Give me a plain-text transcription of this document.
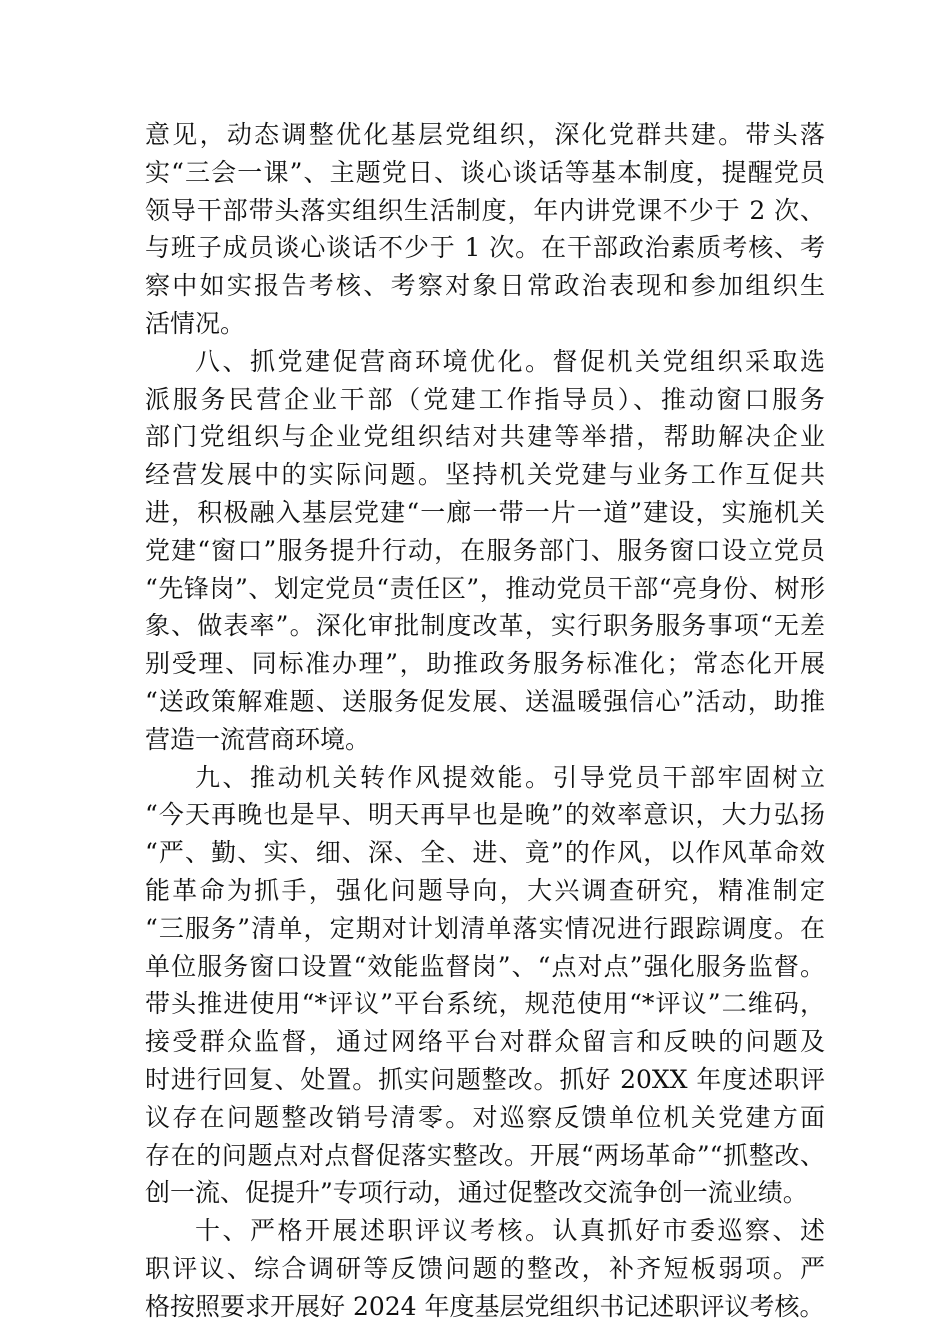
意见，动态调整优化基层党组织，深化党群共建。带头落
实“三会一课”、主题党日、谈心谈话等基本制度，提醒党员
领导干部带头落实组织生活制度，年内讲党课不少于 2 次、
与班子成员谈心谈话不少于 1 次。在干部政治素质考核、考
察中如实报告考核、考察对象日常政治表现和参加组织生
活情况。
八、抓党建促营商环境优化。督促机关党组织采取选
派服务民营企业干部（党建工作指导员）、推动窗口服务
部门党组织与企业党组织结对共建等举措，帮助解决企业
经营发展中的实际问题。坚持机关党建与业务工作互促共
进，积极融入基层党建“一廊一带一片一道”建设，实施机关
党建“窗口”服务提升行动，在服务部门、服务窗口设立党员
“先锋岗”、划定党员“责任区”，推动党员干部“亮身份、树形
象、做表率”。深化审批制度改革，实行职务服务事项“无差
别受理、同标准办理”，助推政务服务标准化；常态化开展
“送政策解难题、送服务促发展、送温暖强信心”活动，助推
营造一流营商环境。
九、推动机关转作风提效能。引导党员干部牢固树立
“今天再晚也是早、明天再早也是晚”的效率意识，大力弘扬
“严、勤、实、细、深、全、进、竟”的作风，以作风革命效
能革命为抓手，强化问题导向，大兴调查研究，精准制定
“三服务”清单，定期对计划清单落实情况进行跟踪调度。在
单位服务窗口设置“效能监督岗”、“点对点”强化服务监督。
带头推进使用“*评议”平台系统，规范使用“*评议”二维码，
接受群众监督，通过网络平台对群众留言和反映的问题及
时进行回复、处置。抓实问题整改。抓好 20XX 年度述职评
议存在问题整改销号清零。对巡察反馈单位机关党建方面
存在的问题点对点督促落实整改。开展“两场革命”“抓整改、
创一流、促提升”专项行动，通过促整改交流争创一流业绩。
十、严格开展述职评议考核。认真抓好市委巡察、述
职评议、综合调研等反馈问题的整改，补齐短板弱项。严
格按照要求开展好 2024 年度基层党组织书记述职评议考核。
